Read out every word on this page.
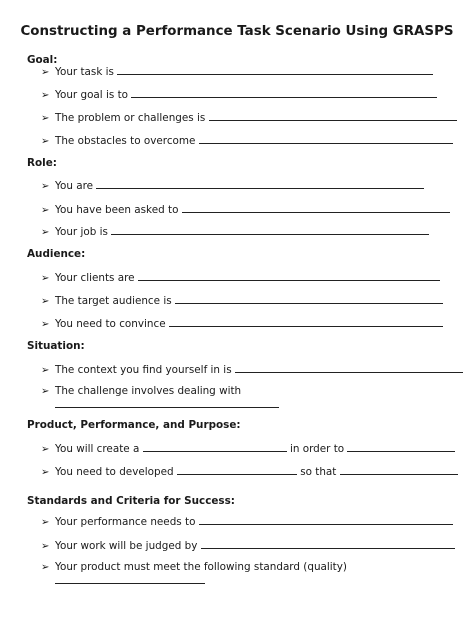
Constructing a Performance Task Scenario Using GRASPS
Goal:
➢ Your task is
➢ Your goal is to
➢ The problem or challenges is
➢ The obstacles to overcome
Role:
➢ You are
➢ You have been asked to
➢ Your job is
Audience:
➢ Your clients are
➢ The target audience is
➢ You need to convince
Situation:
➢ The context you find yourself in is
➢ The challenge involves dealing with
Product, Performance, and Purpose:
➢ You will create a	in order to
➢ You need to developed	so that
Standards and Criteria for Success:
➢ Your performance needs to
➢ Your work will be judged by
➢ Your product must meet the following standard (quality)
